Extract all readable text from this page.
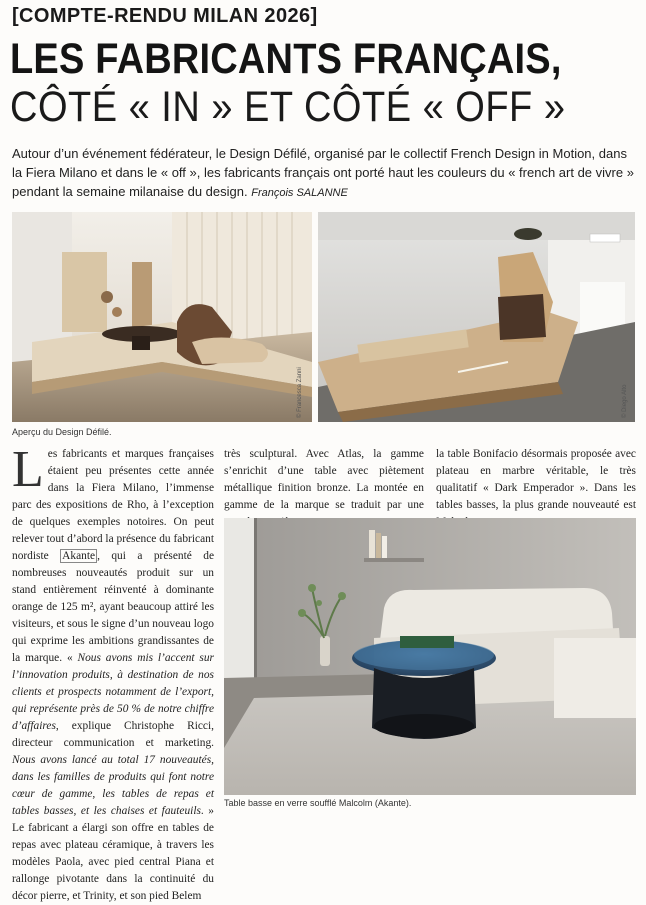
[COMPTE-RENDU MILAN 2026]
LES FABRICANTS FRANÇAIS,
CÔTÉ « IN » ET CÔTÉ « OFF »
Autour d’un événement fédérateur, le Design Défilé, organisé par le collectif French Design in Motion, dans la Fiera Milano et dans le « off », les fabricants français ont porté haut les couleurs du « french art de vivre » pendant la semaine milanaise du design. François SALANNE
© Francesca Zanni	© Diego Alto
Aperçu du Design Défilé.

Les fabricants et marques françaises étaient peu présentes cette année dans la Fiera Milano, l’immense parc des expositions de Rho, à l’exception de quelques exemples notoires. On peut relever tout d’abord la présence du fabricant nordiste Akante , qui a présenté de nombreuses nouveautés produit sur un stand entièrement réinventé à dominante orange de 125 m², ayant beaucoup attiré les visiteurs, et sous le signe d’un nouveau logo qui exprime les ambitions grandissantes de la marque. « Nous avons mis l’accent sur l’innovation produits, à destination de nos clients et prospects notamment de l’export, qui représente près de 50 % de notre chiffre d’affaires, explique Christophe Ricci, directeur communication et marketing. Nous avons lancé au total 17 nouveautés, dans les familles de produits qui font notre cœur de gamme, les tables de repas et tables basses, et les chaises et fauteuils. » Le fabricant a élargi son offre en tables de repas avec plateau céramique, à travers les modèles Paola, avec pied central Piana et rallonge pivotante dans la continuité du décor pierre, et Trinity, et son pied Belem

très sculptural. Avec Atlas, la gamme s’enrichit d’une table avec piètement métallique finition bronze. La montée en gamme de la marque se traduit par une

la table Bonifacio désormais proposée avec plateau en marbre véritable, le très qualitatif « Dark Emperador ». Dans les tables basses, la plus grande nouveauté est

Table basse en verre soufflé Malcolm (Akante).
